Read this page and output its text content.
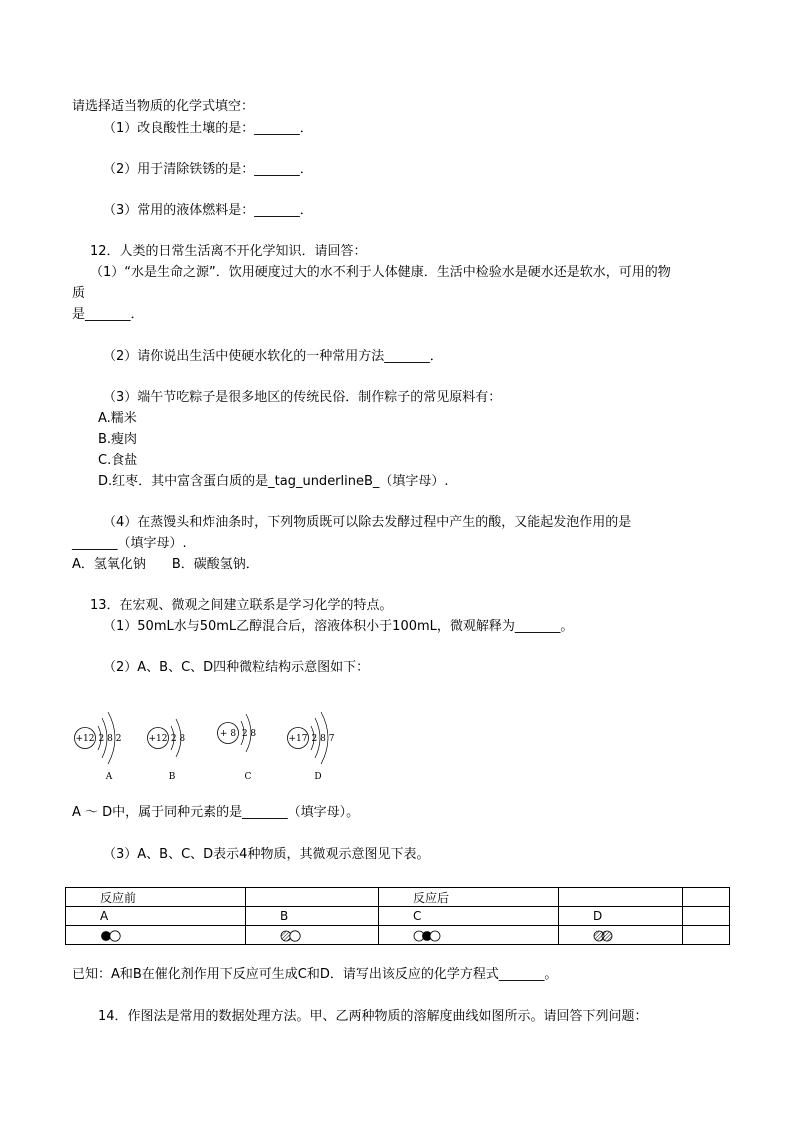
请选择适当物质的化学式填空：
（1）改良酸性土壤的是：_______．
（2）用于清除铁锈的是：_______．
（3）常用的液体燃料是：_______．
12．人类的日常生活离不开化学知识．请回答：
（1）“水是生命之源”．饮用硬度过大的水不利于人体健康．生活中检验水是硬水还是软水，可用的物
质
是_______．
（2）请你说出生活中使硬水软化的一种常用方法_______．
（3）端午节吃粽子是很多地区的传统民俗．制作粽子的常见原料有：
A.糯米
B.瘦肉
C.食盐
D.红枣．其中富含蛋白质的是_tag_underlineB_（填字母）.
（4）在蒸馒头和炸油条时，下列物质既可以除去发酵过程中产生的酸，又能起发泡作用的是
_______（填字母）.
A．氢氧化钠　　B．碳酸氢钠．
13．在宏观、微观之间建立联系是学习化学的特点。
（1）50mL水与50mL乙醇混合后，溶液体积小于100mL，微观解释为_______。
（2）A、B、C、D四种微粒结构示意图如下：
+12 2 8 2
A
+12 2 8
B
+ 8 2 8
C
+17 2 8 7
D
A ～ D中，属于同种元素的是_______（填字母）。
（3）A、B、C、D表示4种物质，其微观示意图见下表。
反应前		反应后		
A	B	C	D	

已知：A和B在催化剂作用下反应可生成C和D．请写出该反应的化学方程式_______。
14．作图法是常用的数据处理方法。甲、乙两种物质的溶解度曲线如图所示。请回答下列问题：
